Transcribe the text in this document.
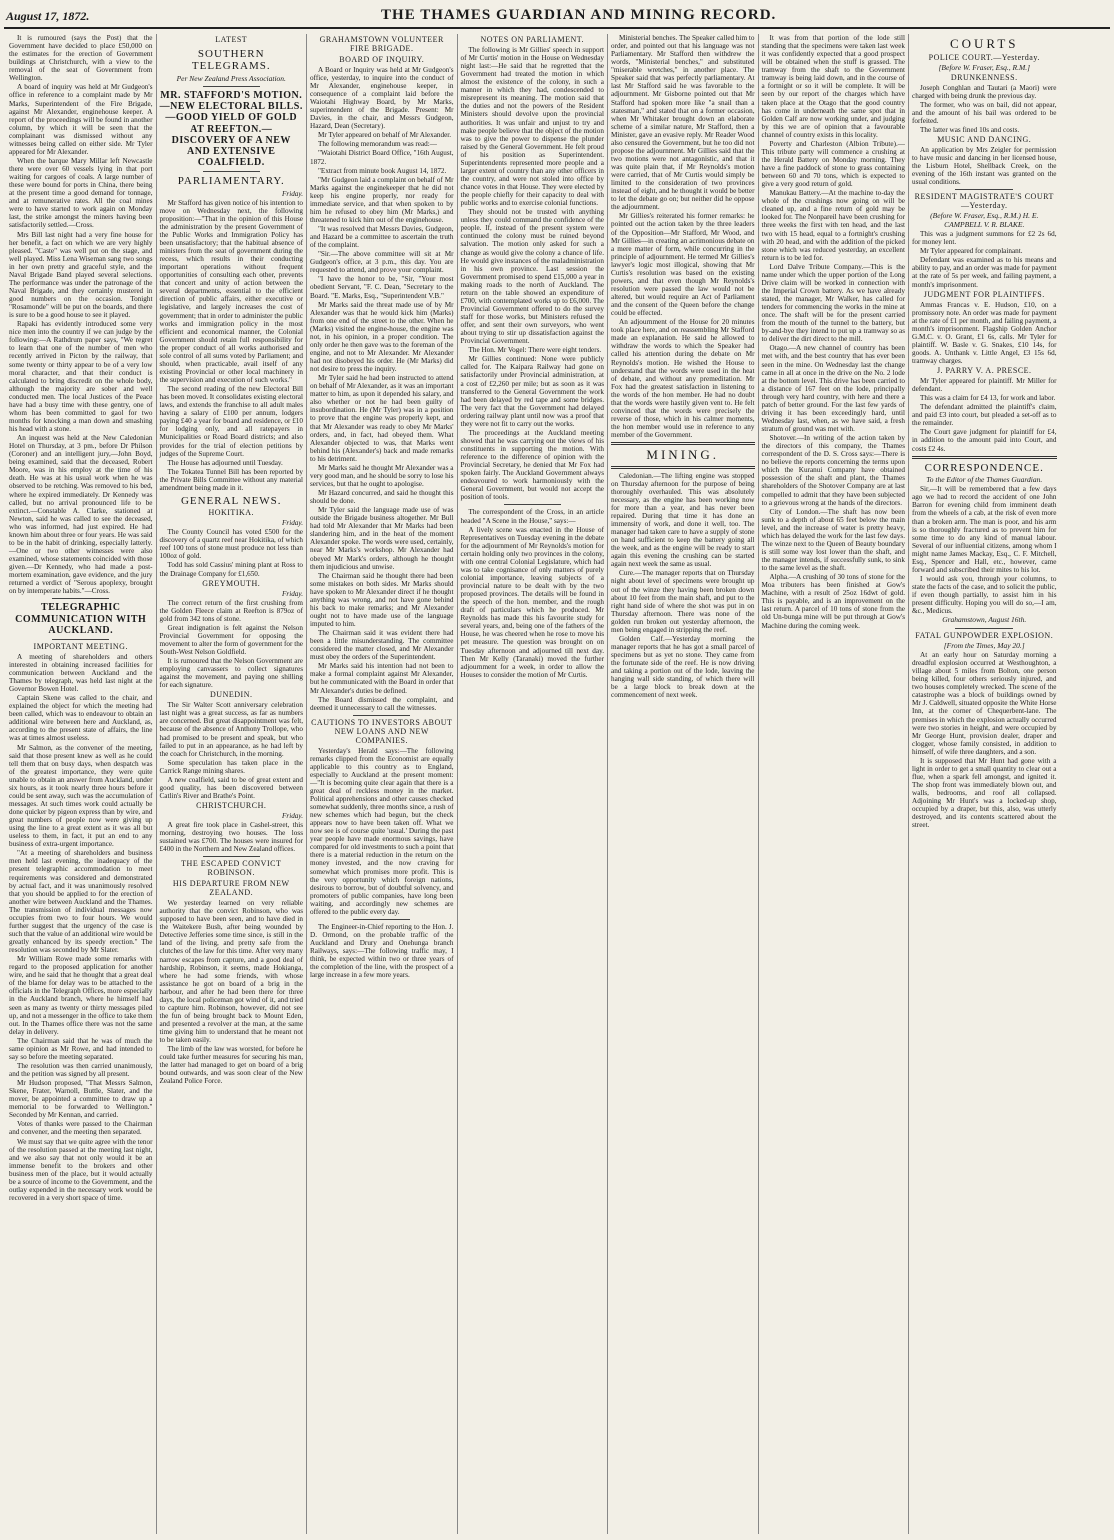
August 17, 1872.	THE THAMES GUARDIAN AND MINING RECORD.

It is rumoured (says the Post) that the Government have decided to place £50,000 on the estimates for the erection of Government buildings at Christchurch, with a view to the removal of the seat of Government from Wellington.

A board of inquiry was held at Mr Gudgeon's office in reference to a complaint made by Mr Marks, Superintendent of the Fire Brigade, against Mr Alexander, enginehouse keeper. A report of the proceedings will be found in another column, by which it will be seen that the complainant was dismissed without any witnesses being called on either side. Mr Tyler appeared for Mr Alexander.

When the barque Mary Millar left Newcastle there were over 60 vessels lying in that port waiting for cargoes of coals. A large number of these were bound for ports in China, there being at the present time a good demand for tonnage, and at remunerative rates. All the coal mines were to have started to work again on Monday last, the strike amongst the miners having been satisfactorily settled.—Cross.

Mrs Bill last night had a very fine house for her benefit, a fact on which we are very highly pleased. "Caste" was well put on the stage, and well played. Miss Lena Wiseman sang two songs in her own pretty and graceful style, and the Naval Brigade Band played several selections. The performance was under the patronage of the Naval Brigade, and they certainly mustered in good numbers on the occasion. Tonight "Rosamonde" will be put on the boards, and there is sure to be a good house to see it played.

Rapaki has evidently introduced some very nice men into the country if we can judge by the following:—A Rathdrum paper says, "We regret to learn that one of the number of men who recently arrived in Picton by the railway, that some twenty or thirty appear to be of a very low moral character, and that their conduct is calculated to bring discredit on the whole body, although the majority are sober and well conducted men. The local Justices of the Peace have had a busy time with these gentry, one of whom has been committed to gaol for two months for knocking a man down and smashing his head with a stone.

An inquest was held at the New Caledonian Hotel on Thursday, at 3 pm., before Dr Philson (Coroner) and an intelligent jury,—John Boyd, being examined, said that the deceased, Robert Moore, was in his employ at the time of his death. He was at his usual work when he was observed to be retching. Was removed to his bed, where he expired immediately. Dr Kennedy was called, but no arrival pronounced life to be extinct.—Constable A. Clarke, stationed at Newton, said he was called to see the deceased, who was informed, had just expired. He had known him about three or four years. He was said to be in the habit of drinking, especially latterly.—One or two other witnesses were also examined, whose statements coincided with those given.—Dr Kennedy, who had made a post-mortem examination, gave evidence, and the jury returned a verdict of "Serous apoplexy, brought on by intemperate habits."—Cross.

TELEGRAPHIC COMMUNICATION WITH AUCKLAND.
IMPORTANT MEETING.

A meeting of shareholders and others interested in obtaining increased facilities for communication between Auckland and the Thames by telegraph, was held last night at the Governor Bowen Hotel.

Captain Skene was called to the chair, and explained the object for which the meeting had been called, which was to endeavour to obtain an additional wire between here and Auckland, as, according to the present state of affairs, the line was at times almost useless.

Mr Salmon, as the convener of the meeting, said that those present knew as well as he could tell them that on busy days, when despatch was of the greatest importance, they were quite unable to obtain an answer from Auckland, under six hours, as it took nearly three hours before it could be sent away, such was the accumulation of messages. At such times work could actually be done quicker by pigeon express than by wire, and great numbers of people now were giving up using the line to a great extent as it was all but useless to them, in fact, it put an end to any business of extra-urgent importance.

"At a meeting of shareholders and business men held last evening, the inadequacy of the present telegraphic accommodation to meet requirements was considered and demonstrated by actual fact, and it was unanimously resolved that you should be applied to for the erection of another wire between Auckland and the Thames. The transmission of individual messages now occupies from two to four hours. We would further suggest that the urgency of the case is such that the value of an additional wire would be greatly enhanced by its speedy erection." The resolution was seconded by Mr Slater.

Mr William Rowe made some remarks with regard to the proposed application for another wire, and he said that he thought that a great deal of the blame for delay was to be attached to the officials in the Telegraph Offices, more especially in the Auckland branch, where he himself had seen as many as twenty or thirty messages piled up, and not a messenger in the office to take them out. In the Thames office there was not the same delay in delivery.

The Chairman said that he was of much the same opinion as Mr Rowe, and had intended to say so before the meeting separated.

The resolution was then carried unanimously, and the petition was signed by all present.

Mr Hudson proposed, "That Messrs Salmon, Skene, Frater, Warnoll, Buttle, Slater, and the mover, be appointed a committee to draw up a memorial to be forwarded to Wellington." Seconded by Mr Kennan, and carried.

Votes of thanks were passed to the Chairman and convener, and the meeting then separated.

We must say that we quite agree with the tenor of the resolution passed at the meeting last night, and we also say that not only would it be an immense benefit to the brokers and other business men of the place, but it would actually be a source of income to the Government, and the outlay expended in the necessary work would be recovered in a very short space of time.

LATEST
SOUTHERN TELEGRAMS.
Per New Zealand Press Association.
MR. STAFFORD'S MOTION.—NEW ELECTORAL BILLS.—GOOD YIELD OF GOLD AT REEFTON.—DISCOVERY OF A NEW AND EXTENSIVE COALFIELD.
PARLIAMENTARY.
Friday.

Mr Stafford has given notice of his intention to move on Wednesday next, the following proposition:—"That in the opinion of this House the administration by the present Government of the Public Works and Immigration Policy has been unsatisfactory; that the habitual absence of ministers from the seat of government during the recess, which results in their conducting important operations without frequent opportunities of consulting each other, prevents that concert and unity of action between the several departments, essential to the efficient direction of public affairs, either executive or legislative, and largely increases the cost of government; that in order to administer the public works and immigration policy in the most efficient and economical manner, the Colonial Government should retain full responsibility for the proper conduct of all works authorised and sole control of all sums voted by Parliament; and should, when practicable, avail itself of any existing Provincial or other local machinery in the supervision and execution of such works."

The second reading of the new Electoral Bill has been moved. It consolidates existing electoral laws, and extends the franchise to all adult males having a salary of £100 per annum, lodgers paying £40 a year for board and residence, or £10 for lodging only, and all ratepayers in Municipalities or Road Board districts; and also provides for the trial of election petitions by judges of the Supreme Court.

The House has adjourned until Tuesday.

The Tokatea Tunnel Bill has been reported by the Private Bills Committee without any material amendment being made in it.

GENERAL NEWS.
HOKITIKA.
Friday.

The County Council has voted £500 for the discovery of a quartz reef near Hokitika, of which reef 100 tons of stone must produce not less than 100oz of gold.

Todd has sold Cassius' mining plant at Ross to the Drainage Company for £1,650.

GREYMOUTH.
Friday.

The correct return of the first crushing from the Golden Fleece claim at Reefton is 879oz of gold from 342 tons of stone.

Great indignation is felt against the Nelson Provincial Government for opposing the movement to alter the form of government for the South-West Nelson Goldfield.

It is rumoured that the Nelson Government are employing canvassers to collect signatures against the movement, and paying one shilling for each signature.

DUNEDIN.

The Sir Walter Scott anniversary celebration last night was a great success, as far as numbers are concerned. But great disappointment was felt, because of the absence of Anthony Trollope, who had promised to be present and speak, but who failed to put in an appearance, as he had left by the coach for Christchurch, in the morning.

Some speculation has taken place in the Carrick Range mining shares.

A new coalfield, said to be of great extent and good quality, has been discovered between Catlin's River and Brathe's Point.

CHRISTCHURCH.
Friday.

A great fire took place in Cashel-street, this morning, destroying two houses. The loss sustained was £700. The houses were insured for £400 in the Northern and New Zealand offices.

THE ESCAPED CONVICT ROBINSON.
HIS DEPARTURE FROM NEW ZEALAND.

We yesterday learned on very reliable authority that the convict Robinson, who was supposed to have been seen, and to have died in the Waitekere Bush, after being wounded by Detective Jefferies some time since, is still in the land of the living, and pretty safe from the clutches of the law for this time. After very many narrow escapes from capture, and a good deal of hardship, Robinson, it seems, made Hokianga, where he had some friends, with whose assistance he got on board of a brig in the harbour, and after he had been there for three days, the local policeman got wind of it, and tried to capture him. Robinson, however, did not see the fun of being brought back to Mount Eden, and presented a revolver at the man, at the same time giving him to understand that he meant not to be taken easily.

The limb of the law was worsted, for before he could take further measures for securing his man, the latter had managed to get on board of a brig bound outwards, and was soon clear of the New Zealand Police Force.

GRAHAMSTOWN VOLUNTEER FIRE BRIGADE.
BOARD OF INQUIRY.

A Board or Inquiry was held at Mr Gudgeon's office, yesterday, to inquire into the conduct of Mr Alexander, enginehouse keeper, in consequence of a complaint laid before the Waiotahi Highway Board, by Mr Marks, superintendent of the Brigade. Present: Mr Davies, in the chair, and Messrs Gudgeon, Hazard, Dean (Secretary).

Mr Tyler appeared on behalf of Mr Alexander.

The following memorandum was read:—

"Waiotahi District Board Office, "16th August, 1872.

"Extract from minute book August 14, 1872.

"Mr Gudgeon laid a complaint on behalf of Mr Marks against the enginekeeper that he did not keep his engine properly, nor ready for immediate service, and that when spoken to by him he refused to obey him (Mr Marks,) and threatened to kick him out of the enginehouse.

"It was resolved that Messrs Davies, Gudgeon, and Hazard be a committee to ascertain the truth of the complaint.

"Sir.—The above committee will sit at Mr Gudgeon's office, at 3 p.m., this day. You are requested to attend, and prove your complaint.

"I have the honor to be, "Sir, "Your most obedient Servant, "F. C. Dean, "Secretary to the Board. "E. Marks, Esq., "Superintendent V.B."

Mr Marks said the threat made use of by Mr Alexander was that he would kick him (Marks) from one end of the street to the other. When he (Marks) visited the engine-house, the engine was not, in his opinion, in a proper condition. The only order he then gave was to the foreman of the engine, and not to Mr Alexander. Mr Alexander had not disobeyed his order. He (Mr Marks) did not desire to press the inquiry.

Mr Tyler said he had been instructed to attend on behalf of Mr Alexander, as it was an important matter to him, as upon it depended his salary, and also whether or not he had been guilty of insubordination. He (Mr Tyler) was in a position to prove that the engine was properly kept, and that Mr Alexander was ready to obey Mr Marks' orders, and, in fact, had obeyed them. What Alexander objected to was, that Marks went behind his (Alexander's) back and made remarks to his detriment.

Mr Marks said he thought Mr Alexander was a very good man, and he should be sorry to lose his services, but that he ought to apologise.

Mr Hazard concurred, and said he thought this should be done.

Mr Tyler said the language made use of was outside the Brigade business altogether. Mr Bull had told Mr Alexander that Mr Marks had been slandering him, and in the heat of the moment Alexander spoke. The words were used, certainly, near Mr Marks's workshop. Mr Alexander had obeyed Mr Mark's orders, although he thought them injudicious and unwise.

The Chairman said he thought there had been some mistakes on both sides. Mr Marks should have spoken to Mr Alexander direct if he thought anything was wrong, and not have gone behind his back to make remarks; and Mr Alexander ought not to have made use of the language imputed to him.

The Chairman said it was evident there had been a little misunderstanding. The committee considered the matter closed, and Mr Alexander must obey the orders of the Superintendent.

Mr Marks said his intention had not been to make a formal complaint against Mr Alexander, but he communicated with the Board in order that Mr Alexander's duties be defined.

The Board dismissed the complaint, and deemed it unnecessary to call the witnesses.

CAUTIONS TO INVESTORS ABOUT NEW LOANS AND NEW COMPANIES.

Yesterday's Herald says:—The following remarks clipped from the Economist are equally applicable to this country as to England, especially to Auckland at the present moment:—"It is becoming quite clear again that there is a great deal of reckless money in the market. Political apprehensions and other causes checked somewhat suddenly, three months since, a rush of new schemes which had begun, but the check appears now to have been taken off. What we now see is of course quite 'usual.' During the past year people have made enormous savings, have compared for old investments to such a point that there is a material reduction in the return on the money invested, and the now craving for somewhat which promises more profit. This is the very opportunity which foreign nations, desirous to borrow, but of doubtful solvency, and promoters of public companies, have long been waiting, and accordingly new schemes are offered to the public every day.

The Engineer-in-Chief reporting to the Hon. J. D. Ormond, on the probable traffic of the Auckland and Drury and Onehunga branch Railways, says:—The following traffic may, I think, be expected within two or three years of the completion of the line, with the prospect of a large increase in a few more years.

NOTES ON PARLIAMENT.

The following is Mr Gillies' speech in support of Mr Curtis' motion in the House on Wednesday night last:—He said that he regretted that the Government had treated the motion in which almost the existence of the colony, in such a manner in which they had, condescended to misrepresent its meaning. The motion said that the duties and not the powers of the Resident Ministers should devolve upon the provincial authorities. It was unfair and unjust to try and make people believe that the object of the motion was to give the power to dispense the plunder raised by the General Government. He felt proud of his position as Superintendent. Superintendents represented more people and a larger extent of country than any other officers in the country, and were not stoled into office by chance votes in that House. They were elected by the people chiefly for their capacity to deal with public works and to exercise colonial functions.

They should not be trusted with anything unless they could command the confidence of the people. If, instead of the present system were continued the colony must be ruined beyond salvation. The motion only asked for such a change as would give the colony a chance of life. He would give instances of the maladministration in his own province. Last session the Government promised to spend £15,000 a year in making roads to the north of Auckland. The return on the table showed an expenditure of £700, with contemplated works up to £6,000. The Provincial Government offered to do the survey staff for those works, but Ministers refused the offer, and sent their own surveyors, who went about trying to stir up dissatisfaction against the Provincial Government.

The Hon. Mr Vogel: There were eight tenders.

Mr Gillies continued: None were publicly called for. The Kaipara Railway had gone on satisfactorily under Provincial administration, at a cost of £2,260 per mile; but as soon as it was transferred to the General Government the work had been delayed by red tape and some bridges. The very fact that the Government had delayed ordering railway plant until now was a proof that they were not fit to carry out the works.

The proceedings at the Auckland meeting showed that he was carrying out the views of his constituents in supporting the motion. With reference to the difference of opinion with the Provincial Secretary, he denied that Mr Fox had spoken fairly. The Auckland Government always endeavoured to work harmoniously with the General Government, but would not accept the position of tools.

The correspondent of the Cross, in an article headed "A Scene in the House," says:—

A lively scene was enacted in the House of Representatives on Tuesday evening in the debate for the adjournment of Mr Reynolds's motion for certain holding only two provinces in the colony, with one central Colonial Legislature, which had was to take cognisance of only matters of purely colonial importance, leaving subjects of a provincial nature to be dealt with by the two proposed provinces. The details will be found in the speech of the hon. member, and the rough draft of particulars which he produced. Mr Reynolds has made this his favourite study for several years, and, being one of the fathers of the House, he was cheered when he rose to move his pet measure. The question was brought on on Tuesday afternoon and adjourned till next day. Then Mr Kelly (Taranaki) moved the further adjournment for a week, in order to allow the Houses to consider the motion of Mr Curtis.

Ministerial benches. The Speaker called him to order, and pointed out that his language was not Parliamentary. Mr Stafford then withdrew the words, "Ministerial benches," and substituted "miserable wretches," in another place. The Speaker said that was perfectly parliamentary. At last Mr Stafford said he was favorable to the adjournment. Mr Gisborne pointed out that Mr Stafford had spoken more like "a snail than a statesman," and stated that on a former occasion, when Mr Whitaker brought down an elaborate scheme of a similar nature, Mr Stafford, then a Minister, gave an evasive reply. Mr Reader Wood also censured the Government, but he too did not propose the adjournment. Mr Gillies said that the two motions were not antagonistic, and that it was quite plain that, if Mr Reynolds's motion were carried, that of Mr Curtis would simply be limited to the consideration of two provinces instead of eight, and he thought it would be better to let the debate go on; but neither did he oppose the adjournment.

Mr Gillies's reiterated his former remarks: he pointed out the action taken by the three leaders of the Opposition—Mr Stafford, Mr Wood, and Mr Gillies—in creating an acrimonious debate on a mere matter of form, while concurring in the principle of adjournment. He termed Mr Gillies's lawyer's logic most illogical, showing that Mr Curtis's resolution was based on the existing powers, and that even though Mr Reynolds's resolution were passed the law would not be altered, but would require an Act of Parliament and the consent of the Queen before the change could be effected.

An adjournment of the House for 20 minutes took place here, and on reassembling Mr Stafford made an explanation. He said he allowed to withdraw the words to which the Speaker had called his attention during the debate on Mr Reynolds's motion. He wished the House to understand that the words were used in the heat of debate, and without any premeditation. Mr Fox had the greatest satisfaction in listening to the words of the hon member. He had no doubt that the words were hastily given vent to. He felt convinced that the words were precisely the reverse of those, which in his calmer moments, the hon member would use in reference to any member of the Government.

MINING.

Caledonian.—The lifting engine was stopped on Thursday afternoon for the purpose of being thoroughly overhauled. This was absolutely necessary, as the engine has been working now for more than a year, and has never been repaired. During that time it has done an immensity of work, and done it well, too. The manager had taken care to have a supply of stone on hand sufficient to keep the battery going all the week, and as the engine will be ready to start again this evening the crushing can be started again next week the same as usual.

Cure.—The manager reports that on Thursday night about level of specimens were brought up out of the winze they having been broken down about 10 feet from the main shaft, and put to the right hand side of where the shot was put in on Thursday afternoon. There was none of the golden run broken out yesterday afternoon, the men being engaged in stripping the reef.

Golden Calf.—Yesterday morning the manager reports that he has got a small parcel of specimens but as yet no stone. They came from the fortunate side of the reef. He is now driving and taking a portion out of the lode, leaving the hanging wall side standing, of which there will be a large block to break down at the commencement of next week.

It was from that portion of the lode still standing that the specimens were taken last week it was confidently expected that a good prospect will be obtained when the stuff is grassed. The tramway from the shaft to the Government tramway is being laid down, and in the course of a fortnight or so it will be complete. It will be seen by our report of the charges which have taken place at the Otago that the good country has come in underneath the same spot that in Golden Calf are now working under, and judging by this we are of opinion that a favourable channel of country exists in this locality.

Poverty and Charleston (Albion Tribute).—This tribute party will commence a crushing at the Herald Battery on Monday morning. They have a fine paddock of stone to grass containing between 60 and 70 tons, which is expected to give a very good return of gold.

Manukau Battery.—At the machine to-day the whole of the crushings now going on will be cleaned up, and a fine return of gold may be looked for. The Nonpareil have been crushing for three weeks the first with ten head, and the last two with 15 head, equal to a fortnight's crushing with 20 head, and with the addition of the picked stone which was reduced yesterday, an excellent return is to be led for.

Lord Dalve Tribute Company.—This is the name under which the upper portion of the Long Drive claim will be worked in connection with the Imperial Crown battery. As we have already stated, the manager, Mr Walker, has called for tenders for commencing the works in the mine at once. The shaft will be for the present carried from the mouth of the tunnel to the battery, but by-and-bye they intend to put up a tramway so as to deliver the dirt direct to the mill.

Otago.—A new channel of country has been met with, and the best country that has ever been seen in the mine. On Wednesday last the change came in all at once in the drive on the No. 2 lode at the bottom level. This drive has been carried to a distance of 167 feet on the lode, principally through very hard country, with here and there a patch of better ground. For the last few yards of driving it has been exceedingly hard, until Wednesday last, when, as we have said, a fresh stratum of ground was met with.

Shotover.—In writing of the action taken by the directors of this company, the Thames correspondent of the D. S. Cross says:—There is no believe the reports concerning the terms upon which the Kuranui Company have obtained possession of the shaft and plant, the Thames shareholders of the Shotover Company are at last compelled to admit that they have been subjected to a grievous wrong at the hands of the directors.

City of London.—The shaft has now been sunk to a depth of about 65 feet below the main level, and the increase of water is pretty heavy, which has delayed the work for the last few days. The winze next to the Queen of Beauty boundary is still some way lost lower than the shaft, and the manager intends, if successfully sunk, to sink to the same level as the shaft.

Alpha.—A crushing of 30 tons of stone for the Moa tributers has been finished at Gow's Machine, with a result of 25oz 16dwt of gold. This is payable, and is an improvement on the last return. A parcel of 10 tons of stone from the old Un-bunga mine will be put through at Gow's Machine during the coming week.

COURTS
POLICE COURT.—Yesterday.
[Before W. Fraser, Esq., R.M.]
DRUNKENNESS.

Joseph Conghlan and Tautari (a Maori) were charged with being drunk the previous day.

The former, who was on bail, did not appear, and the amount of his bail was ordered to be forfeited.

The latter was fined 10s and costs.

MUSIC AND DANCING.

An application by Mrs Zeigler for permission to have music and dancing in her licensed house, the Lisburn Hotel, Shellback Creek, on the evening of the 16th instant was granted on the usual conditions.

RESIDENT MAGISTRATE'S COURT—Yesterday.
(Before W. Fraser, Esq., R.M.) H. E. CAMPBELL V. R. BLAKE.

This was a judgment summons for £2 2s 6d, for money lent.

Mr Tyler appeared for complainant.

Defendant was examined as to his means and ability to pay, and an order was made for payment at the rate of 5s per week, and failing payment, a month's imprisonment.

JUDGMENT FOR PLAINTIFFS.

Ammas Francas v. E. Hudson, £10, on a promissory note. An order was made for payment at the rate of £1 per month, and failing payment, a month's imprisonment. Flagship Golden Anchor G.M.C. v. O. Grant, £1 6s, calls. Mr Tyler for plaintiff. W. Basle v. G. Snakes, £10 14s, for goods. A. Unthank v. Little Angel, £3 15s 6d, tramway charges.

J. PARRY V. A. PRESCE.

Mr Tyler appeared for plaintiff. Mr Miller for defendant.

This was a claim for £4 13, for work and labor.

The defendant admitted the plaintiff's claim, and paid £3 into court, but pleaded a set-off as to the remainder.

The Court gave judgment for plaintiff for £4, in addition to the amount paid into Court, and costs £2 4s.

CORRESPONDENCE.
To the Editor of the Thames Guardian.

Sir,—It will be remembered that a few days ago we had to record the accident of one John Barron for evening child from imminent death from the wheels of a cab, at the risk of even more than a broken arm. The man is poor, and his arm is so thoroughly fractured as to prevent him for some time to do any kind of manual labour. Several of our influential citizens, among whom I might name James Mackay, Esq., C. F. Mitchell, Esq., Spencer and Hall, etc., however, came forward and subscribed their mites to his lot.

I would ask you, through your columns, to state the facts of the case, and to solicit the public, if even though partially, to assist him in his present difficulty. Hoping you will do so,—I am, &c., Medicus.

Grahamstown, August 16th.
FATAL GUNPOWDER EXPLOSION.
[From the Times, May 20.]

At an early hour on Saturday morning a dreadful explosion occurred at Westhoughton, a village about 5 miles from Bolton, one person being killed, four others seriously injured, and two houses completely wrecked. The scene of the catastrophe was a block of buildings owned by Mr J. Caldwell, situated opposite the White Horse Inn, at the corner of Chequerbent-lane. The premises in which the explosion actually occurred were two stories in height, and were occupied by Mr George Hunt, provision dealer, draper and clogger, whose family consisted, in addition to himself, of wife three daughters, and a son.

It is supposed that Mr Hunt had gone with a light in order to get a small quantity to clear out a flue, when a spark fell amongst, and ignited it. The shop front was immediately blown out, and walls, bedrooms, and roof all collapsed. Adjoining Mr Hunt's was a locked-up shop, occupied by a draper, but this, also, was utterly destroyed, and its contents scattered about the street.
